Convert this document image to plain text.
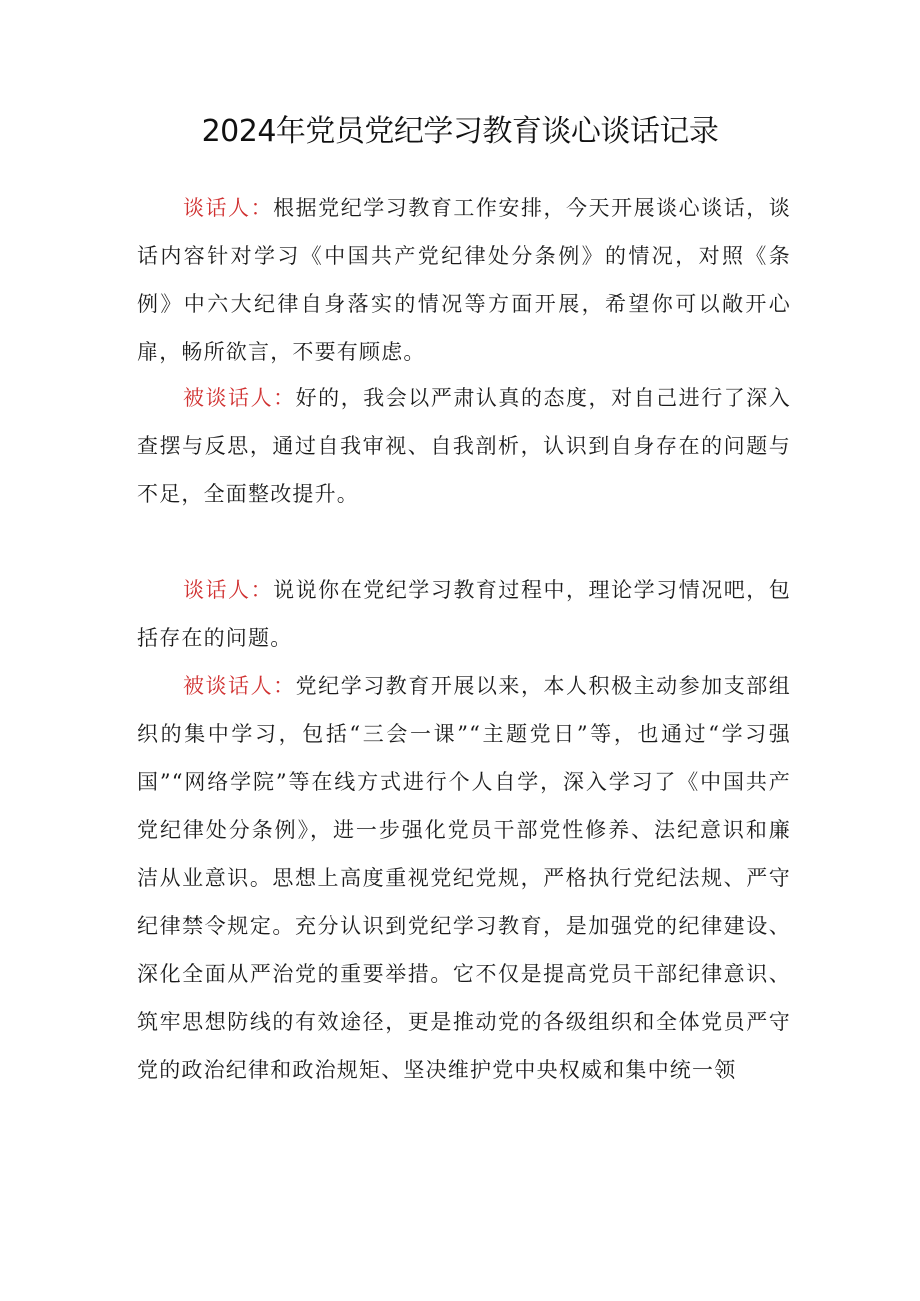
2024年党员党纪学习教育谈心谈话记录

谈话人：根据党纪学习教育工作安排，今天开展谈心谈话，谈话内容针对学习《中国共产党纪律处分条例》的情况，对照《条例》中六大纪律自身落实的情况等方面开展，希望你可以敞开心扉，畅所欲言，不要有顾虑。

被谈话人：好的，我会以严肃认真的态度，对自己进行了深入查摆与反思，通过自我审视、自我剖析，认识到自身存在的问题与不足，全面整改提升。

谈话人：说说你在党纪学习教育过程中，理论学习情况吧，包括存在的问题。

被谈话人：党纪学习教育开展以来，本人积极主动参加支部组织的集中学习，包括“三会一课”“主题党日”等，也通过“学习强国”“网络学院”等在线方式进行个人自学，深入学习了《中国共产党纪律处分条例》，进一步强化党员干部党性修养、法纪意识和廉洁从业意识。思想上高度重视党纪党规，严格执行党纪法规、严守纪律禁令规定。充分认识到党纪学习教育，是加强党的纪律建设、深化全面从严治党的重要举措。它不仅是提高党员干部纪律意识、筑牢思想防线的有效途径，更是推动党的各级组织和全体党员严守党的政治纪律和政治规矩、坚决维护党中央权威和集中统一领
